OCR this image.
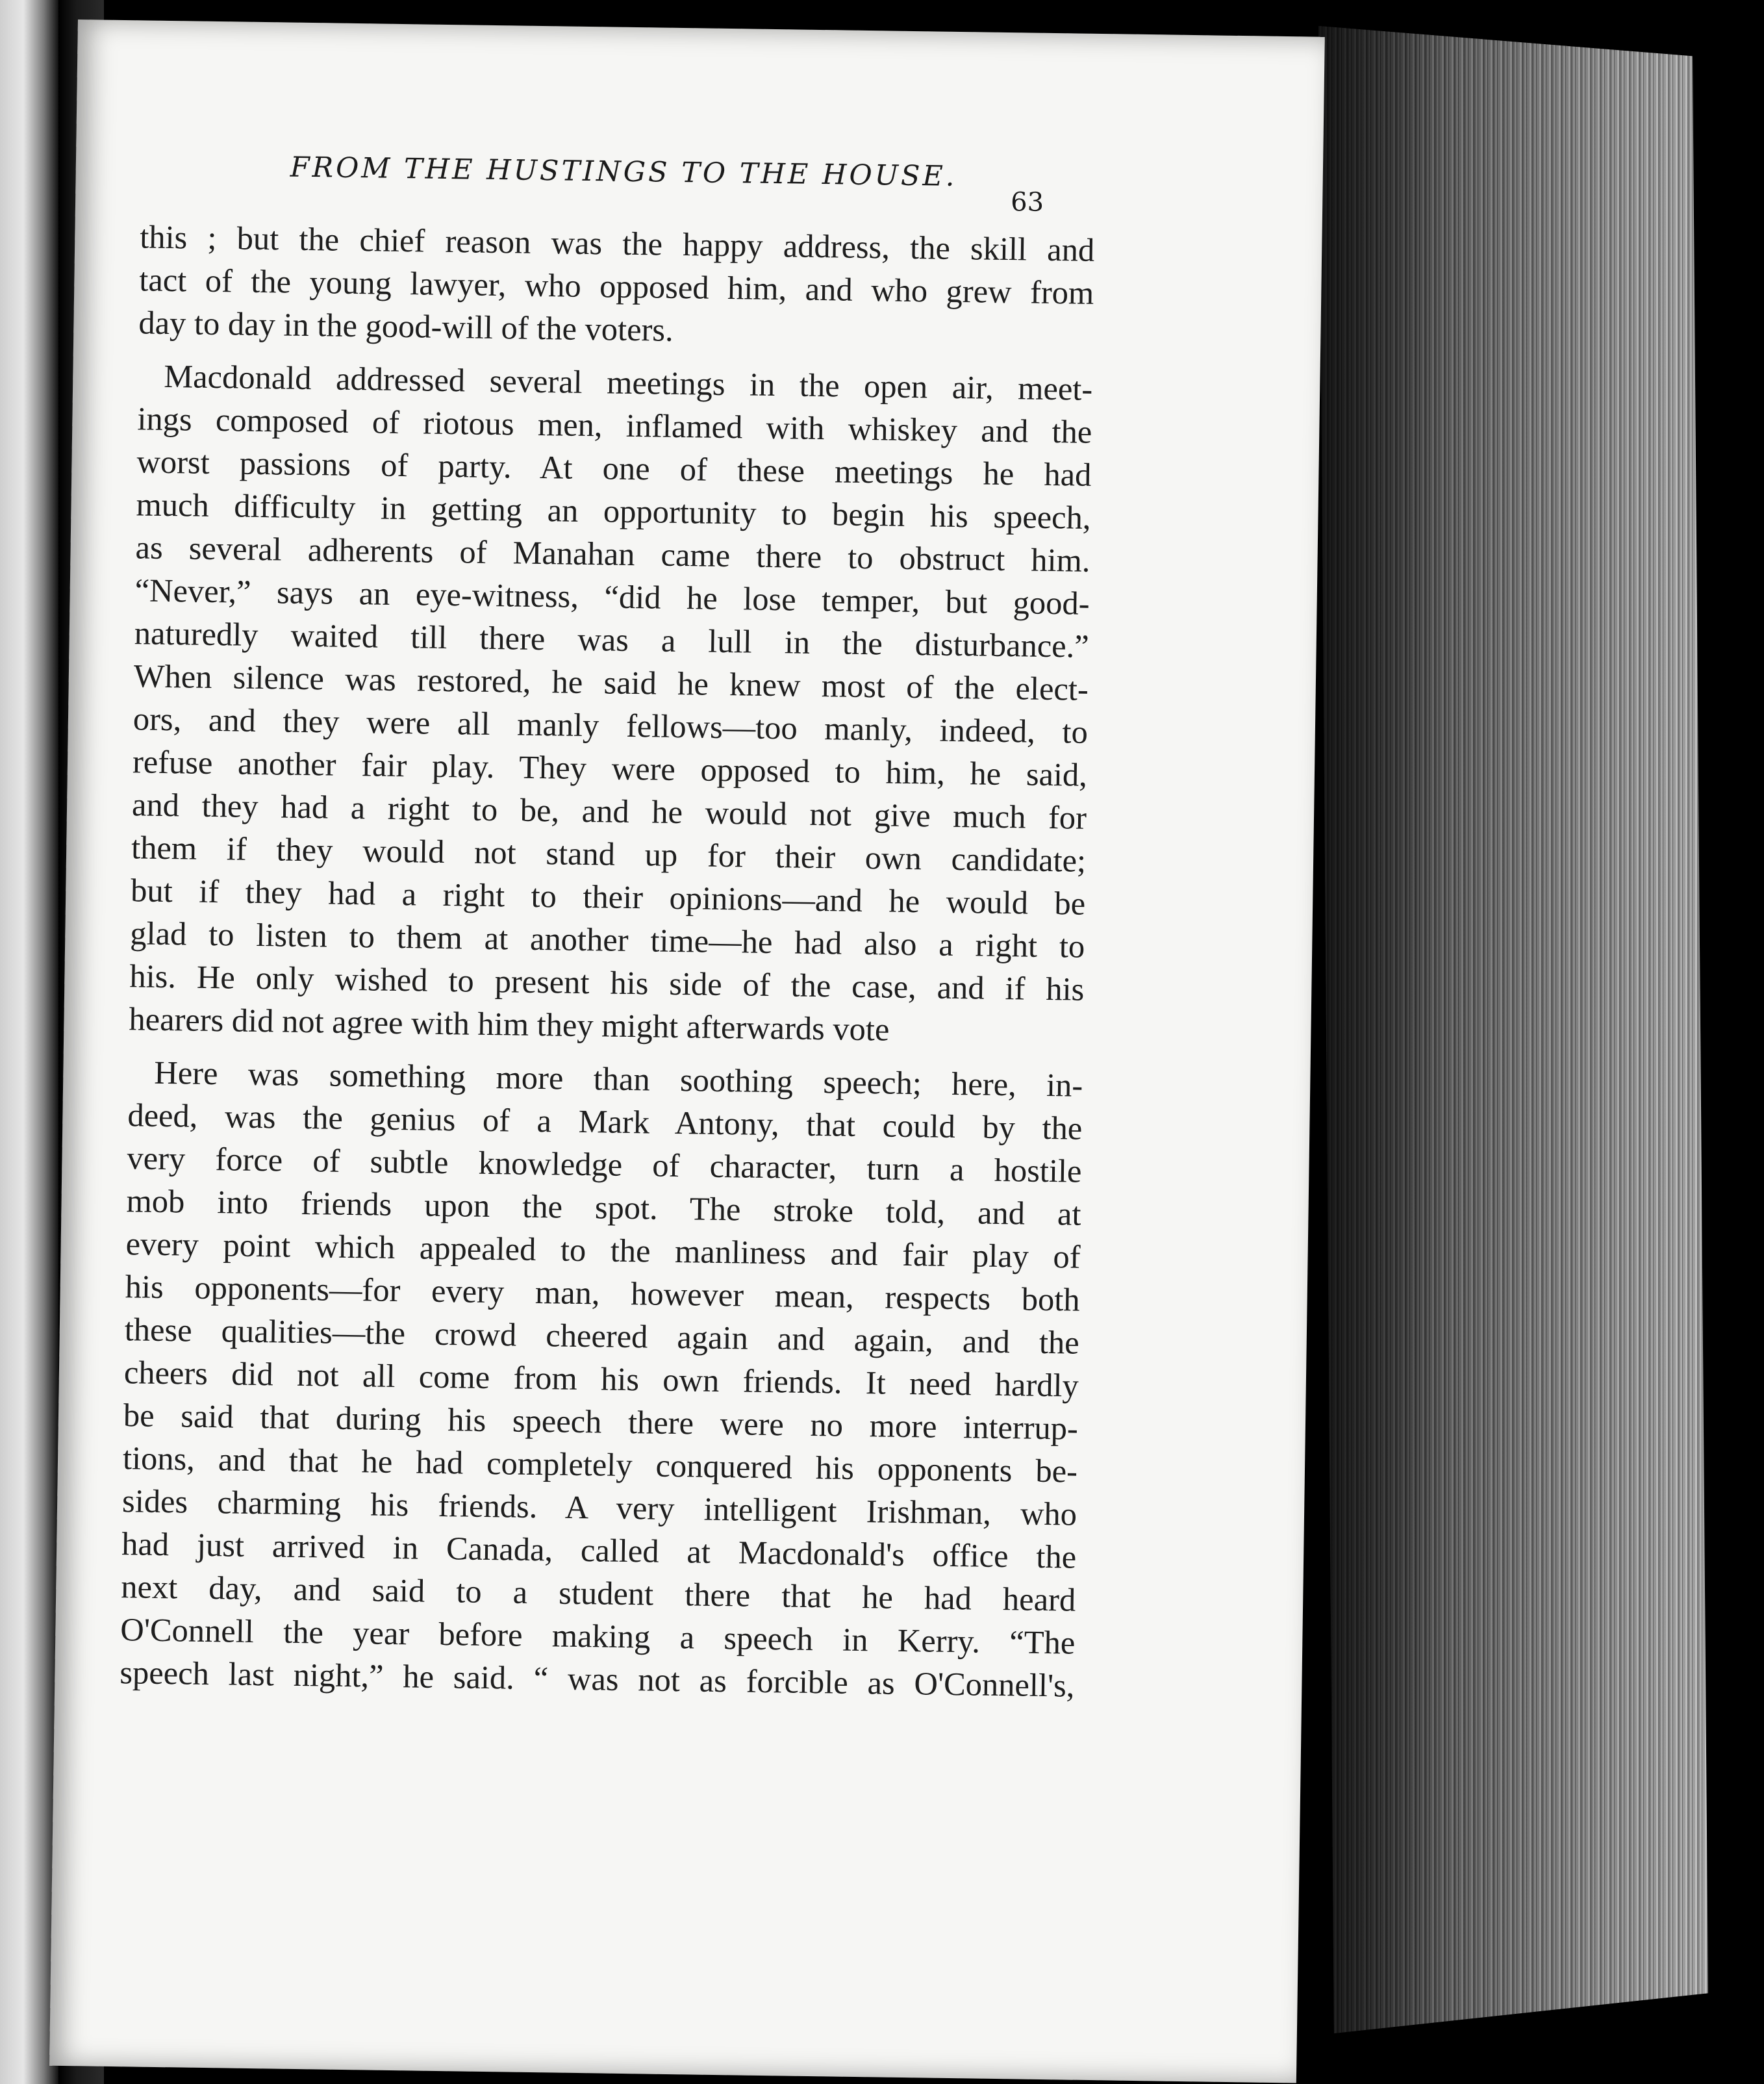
FROM THE HUSTINGS TO THE HOUSE.
63
this ; but the chief reason was the happy address, the skill and
tact of the young lawyer, who opposed him, and who grew from
day to day in the good-will of the voters.
Macdonald addressed several meetings in the open air, meet-
ings composed of riotous men, inflamed with whiskey and the
worst passions of party. At one of these meetings he had
much difficulty in getting an opportunity to begin his speech,
as several adherents of Manahan came there to obstruct him.
“Never,” says an eye-witness, “did he lose temper, but good-
naturedly waited till there was a lull in the disturbance.”
When silence was restored, he said he knew most of the elect-
ors, and they were all manly fellows—too manly, indeed, to
refuse another fair play. They were opposed to him, he said,
and they had a right to be, and he would not give much for
them if they would not stand up for their own candidate;
but if they had a right to their opinions—and he would be
glad to listen to them at another time—he had also a right to
his. He only wished to present his side of the case, and if his
hearers did not agree with him they might afterwards vote
Here was something more than soothing speech; here, in-
deed, was the genius of a Mark Antony, that could by the
very force of subtle knowledge of character, turn a hostile
mob into friends upon the spot. The stroke told, and at
every point which appealed to the manliness and fair play of
his opponents—for every man, however mean, respects both
these qualities—the crowd cheered again and again, and the
cheers did not all come from his own friends. It need hardly
be said that during his speech there were no more interrup-
tions, and that he had completely conquered his opponents be-
sides charming his friends. A very intelligent Irishman, who
had just arrived in Canada, called at Macdonald's office the
next day, and said to a student there that he had heard
O'Connell the year before making a speech in Kerry. “The
speech last night,” he said. “ was not as forcible as O'Connell's,
